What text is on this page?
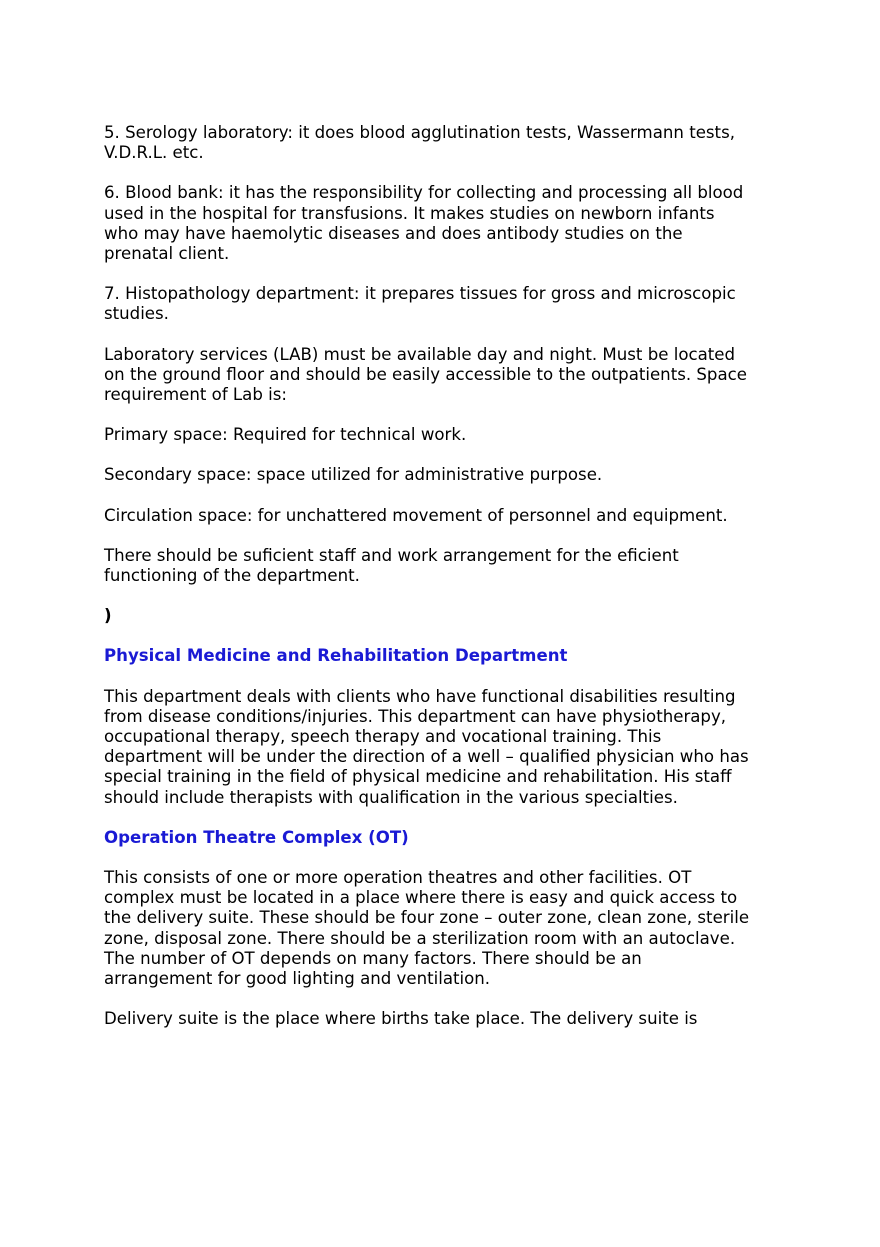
5. Serology laboratory: it does blood agglutination tests, Wassermann tests,
V.D.R.L. etc.
6. Blood bank: it has the responsibility for collecting and processing all blood
used in the hospital for transfusions. It makes studies on newborn infants
who may have haemolytic diseases and does antibody studies on the
prenatal client.
7. Histopathology department: it prepares tissues for gross and microscopic
studies.
Laboratory services (LAB) must be available day and night. Must be located
on the ground floor and should be easily accessible to the outpatients. Space
requirement of Lab is:
Primary space: Required for technical work.
Secondary space: space utilized for administrative purpose.
Circulation space: for unchattered movement of personnel and equipment.
There should be suﬁcient staff and work arrangement for the eﬁcient
functioning of the department.
)
Physical Medicine and Rehabilitation Department
This department deals with clients who have functional disabilities resulting
from disease conditions/injuries. This department can have physiotherapy,
occupational therapy, speech therapy and vocational training. This
department will be under the direction of a well – qualified physician who has
special training in the field of physical medicine and rehabilitation. His staff
should include therapists with qualification in the various specialties.
Operation Theatre Complex (OT)
This consists of one or more operation theatres and other facilities. OT
complex must be located in a place where there is easy and quick access to
the delivery suite. These should be four zone – outer zone, clean zone, sterile
zone, disposal zone. There should be a sterilization room with an autoclave.
The number of OT depends on many factors. There should be an
arrangement for good lighting and ventilation.
Delivery suite is the place where births take place. The delivery suite is
